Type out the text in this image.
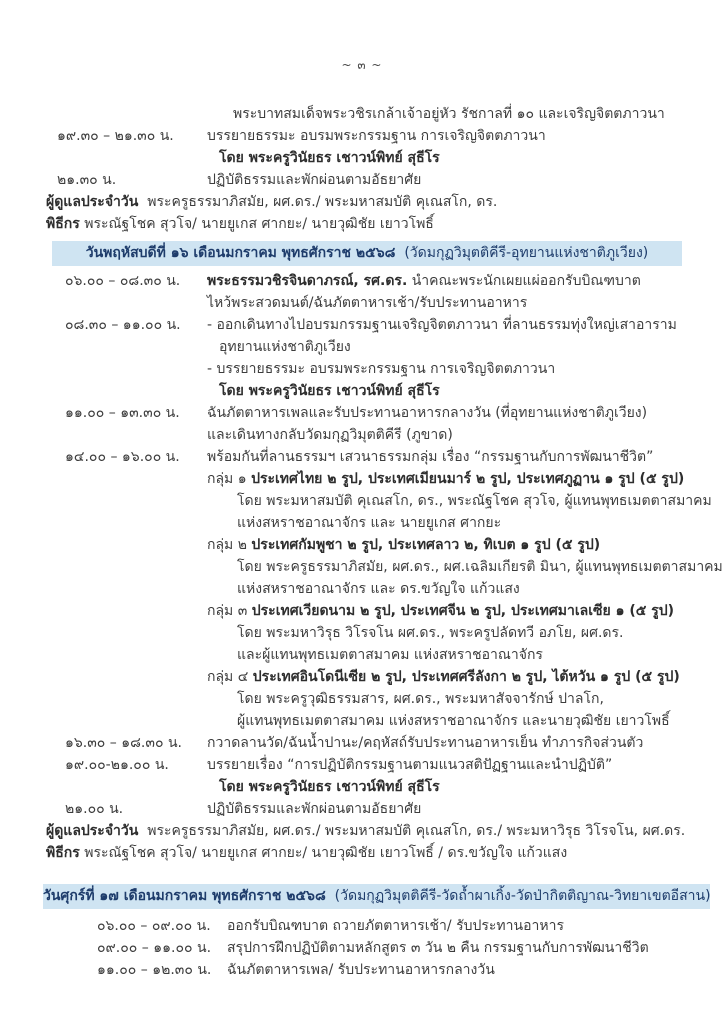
~ ๓ ~
พระบาทสมเด็จพระวชิรเกล้าเจ้าอยู่หัว รัชกาลที่ ๑๐ และเจริญจิตตภาวนา
๑๙.๓๐ – ๒๑.๓๐ น. บรรยายธรรมะ อบรมพระกรรมฐาน การเจริญจิตตภาวนา
โดย พระครูวินัยธร เชาวน์พิทย์ สุธีโร
๒๑.๓๐ น.	ปฏิบัติธรรมและพักผ่อนตามอัธยาศัย
ผู้ดูแลประจำวัน  พระครูธรรมาภิสมัย, ผศ.ดร./ พระมหาสมบัติ คุเณสโก, ดร.
พิธีกร พระณัฐโชค สุวโจ/ นายยูเกส ศากยะ/ นายวุฒิชัย เยาวโพธิ์
วันพฤหัสบดีที่ ๑๖ เดือนมกราคม พุทธศักราช ๒๕๖๘  (วัดมกุฏวิมุตติคีรี-อุทยานแห่งชาติภูเวียง)
๐๖.๐๐ – ๐๘.๓๐ น. พระธรรมวชิรจินดาภรณ์, รศ.ดร. นำคณะพระนักเผยแผ่ออกรับบิณฑบาต
ไหว้พระสวดมนต์/ฉันภัตตาหารเช้า/รับประทานอาหาร
๐๘.๓๐ – ๑๑.๐๐ น. - ออกเดินทางไปอบรมกรรมฐานเจริญจิตตภาวนา ที่ลานธรรมทุ่งใหญ่เสาอาราม
อุทยานแห่งชาติภูเวียง
- บรรยายธรรมะ อบรมพระกรรมฐาน การเจริญจิตตภาวนา
โดย พระครูวินัยธร เชาวน์พิทย์ สุธีโร
๑๑.๐๐ – ๑๓.๓๐ น. ฉันภัตตาหารเพลและรับประทานอาหารกลางวัน (ที่อุทยานแห่งชาติภูเวียง)
และเดินทางกลับวัดมกุฏวิมุตติคีรี (ภูขาด)
๑๔.๐๐ – ๑๖.๐๐ น. พร้อมกันที่ลานธรรมฯ เสวนาธรรมกลุ่ม เรื่อง “กรรมฐานกับการพัฒนาชีวิต”
กลุ่ม ๑ ประเทศไทย ๒ รูป, ประเทศเมียนมาร์ ๒ รูป, ประเทศภูฏาน ๑ รูป (๕ รูป)
โดย พระมหาสมบัติ คุเณสโก, ดร., พระณัฐโชค สุวโจ, ผู้แทนพุทธเมตตาสมาคม
แห่งสหราชอาณาจักร และ นายยูเกส ศากยะ
กลุ่ม ๒ ประเทศกัมพูชา ๒ รูป, ประเทศลาว ๒, ทิเบต ๑ รูป (๕ รูป)
โดย พระครูธรรมาภิสมัย, ผศ.ดร., ผศ.เฉลิมเกียรติ มินา, ผู้แทนพุทธเมตตาสมาคม
แห่งสหราชอาณาจักร และ ดร.ขวัญใจ แก้วแสง
กลุ่ม ๓ ประเทศเวียดนาม ๒ รูป, ประเทศจีน ๒ รูป, ประเทศมาเลเซีย ๑ (๕ รูป)
โดย พระมหาวิรุธ วิโรจโน ผศ.ดร., พระครูปลัดทวี อภโย, ผศ.ดร.
และผู้แทนพุทธเมตตาสมาคม แห่งสหราชอาณาจักร
กลุ่ม ๔ ประเทศอินโดนีเซีย ๒ รูป, ประเทศศรีลังกา ๒ รูป, ไต้หวัน ๑ รูป (๕ รูป)
โดย พระครูวุฒิธรรมสาร, ผศ.ดร., พระมหาสัจจารักษ์ ปาลโก,
ผู้แทนพุทธเมตตาสมาคม แห่งสหราชอาณาจักร และนายวุฒิชัย เยาวโพธิ์
๑๖.๓๐ – ๑๘.๓๐ น. กวาดลานวัด/ฉันน้ำปานะ/คฤหัสถ์รับประทานอาหารเย็น ทำภารกิจส่วนตัว
๑๙.๐๐-๒๑.๐๐ น.	บรรยายเรื่อง “การปฏิบัติกรรมฐานตามแนวสติปัฏฐานและนำปฏิบัติ”
โดย พระครูวินัยธร เชาวน์พิทย์ สุธีโร
๒๑.๐๐ น.	ปฏิบัติธรรมและพักผ่อนตามอัธยาศัย
ผู้ดูแลประจำวัน  พระครูธรรมาภิสมัย, ผศ.ดร./ พระมหาสมบัติ คุเณสโก, ดร./ พระมหาวิรุธ วิโรจโน, ผศ.ดร.
พิธีกร พระณัฐโชค สุวโจ/ นายยูเกส ศากยะ/ นายวุฒิชัย เยาวโพธิ์ / ดร.ขวัญใจ แก้วแสง
วันศุกร์ที่ ๑๗ เดือนมกราคม พุทธศักราช ๒๕๖๘  (วัดมกุฏวิมุตติคีรี-วัดถ้ำผาเกิ้ง-วัดป่ากิตติญาณ-วิทยาเขตอีสาน)
๐๖.๐๐ – ๐๙.๐๐ น. ออกรับบิณฑบาต ถวายภัตตาหารเช้า/ รับประทานอาหาร
๐๙.๐๐ – ๑๑.๐๐ น. สรุปการฝึกปฏิบัติตามหลักสูตร ๓ วัน ๒ คืน กรรมฐานกับการพัฒนาชีวิต
๑๑.๐๐ – ๑๒.๓๐ น. ฉันภัตตาหารเพล/ รับประทานอาหารกลางวัน
